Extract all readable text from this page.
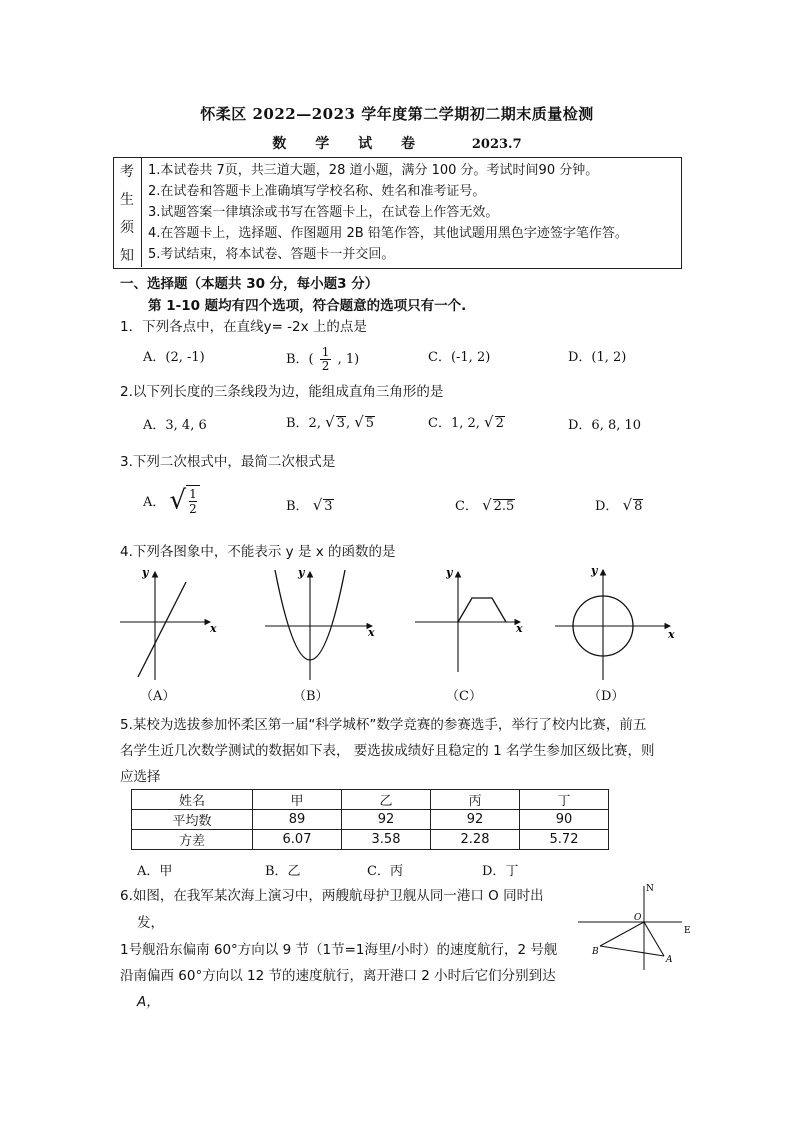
怀柔区 2022—2023 学年度第二学期初二期末质量检测
数 学 试 卷	2023.7
考
生
须
知
1.本试卷共 7页，共三道大题，28 道小题，满分 100 分。考试时间90 分钟。
2.在试卷和答题卡上准确填写学校名称、姓名和准考证号。
3.试题答案一律填涂或书写在答题卡上，在试卷上作答无效。
4.在答题卡上，选择题、作图题用 2B 铅笔作答，其他试题用黑色字迹签字笔作答。
5.考试结束，将本试卷、答题卡一并交回。
一、选择题（本题共 30 分，每小题3 分）
第 1-10 题均有四个选项，符合题意的选项只有一个.
1．下列各点中，在直线y= -2x 上的点是
A．(2, -1)	B．( $\frac{1}{2}$ , 1)	C．(-1, 2)	D．(1, 2)
2.以下列长度的三条线段为边，能组成直角三角形的是
A．3, 4, 6	B．2, √ 3, √ 5	C．1, 2, √ 2	D．6, 8, 10
3.下列二次根式中，最简二次根式是
A． √ $\frac{1}{2}$	B． √ 3	C． √ 2.5	D． √ 8
4.下列各图象中，不能表示 y 是 x 的函数的是
x
y
x
y
x
y
x
y
（A）	（B）	（C）	（D）
5.某校为选拔参加怀柔区第一届“科学城杯”数学竞赛的参赛选手，举行了校内比赛，前五
名学生近几次数学测试的数据如下表， 要选拔成绩好且稳定的 1 名学生参加区级比赛，则
应选择
姓名	甲	乙	丙	丁
平均数	89	92	92	90
方差	6.07	3.58	2.28	5.72
A．甲	B．乙	C．丙	D．丁
6.如图，在我军某次海上演习中，两艘航母护卫舰从同一港口 O 同时出
发，
1号舰沿东偏南 60°方向以 9 节（1节=1海里/小时）的速度航行，2 号舰
沿南偏西 60°方向以 12 节的速度航行，离开港口 2 小时后它们分别到达
A，
N
E
O
A
B
